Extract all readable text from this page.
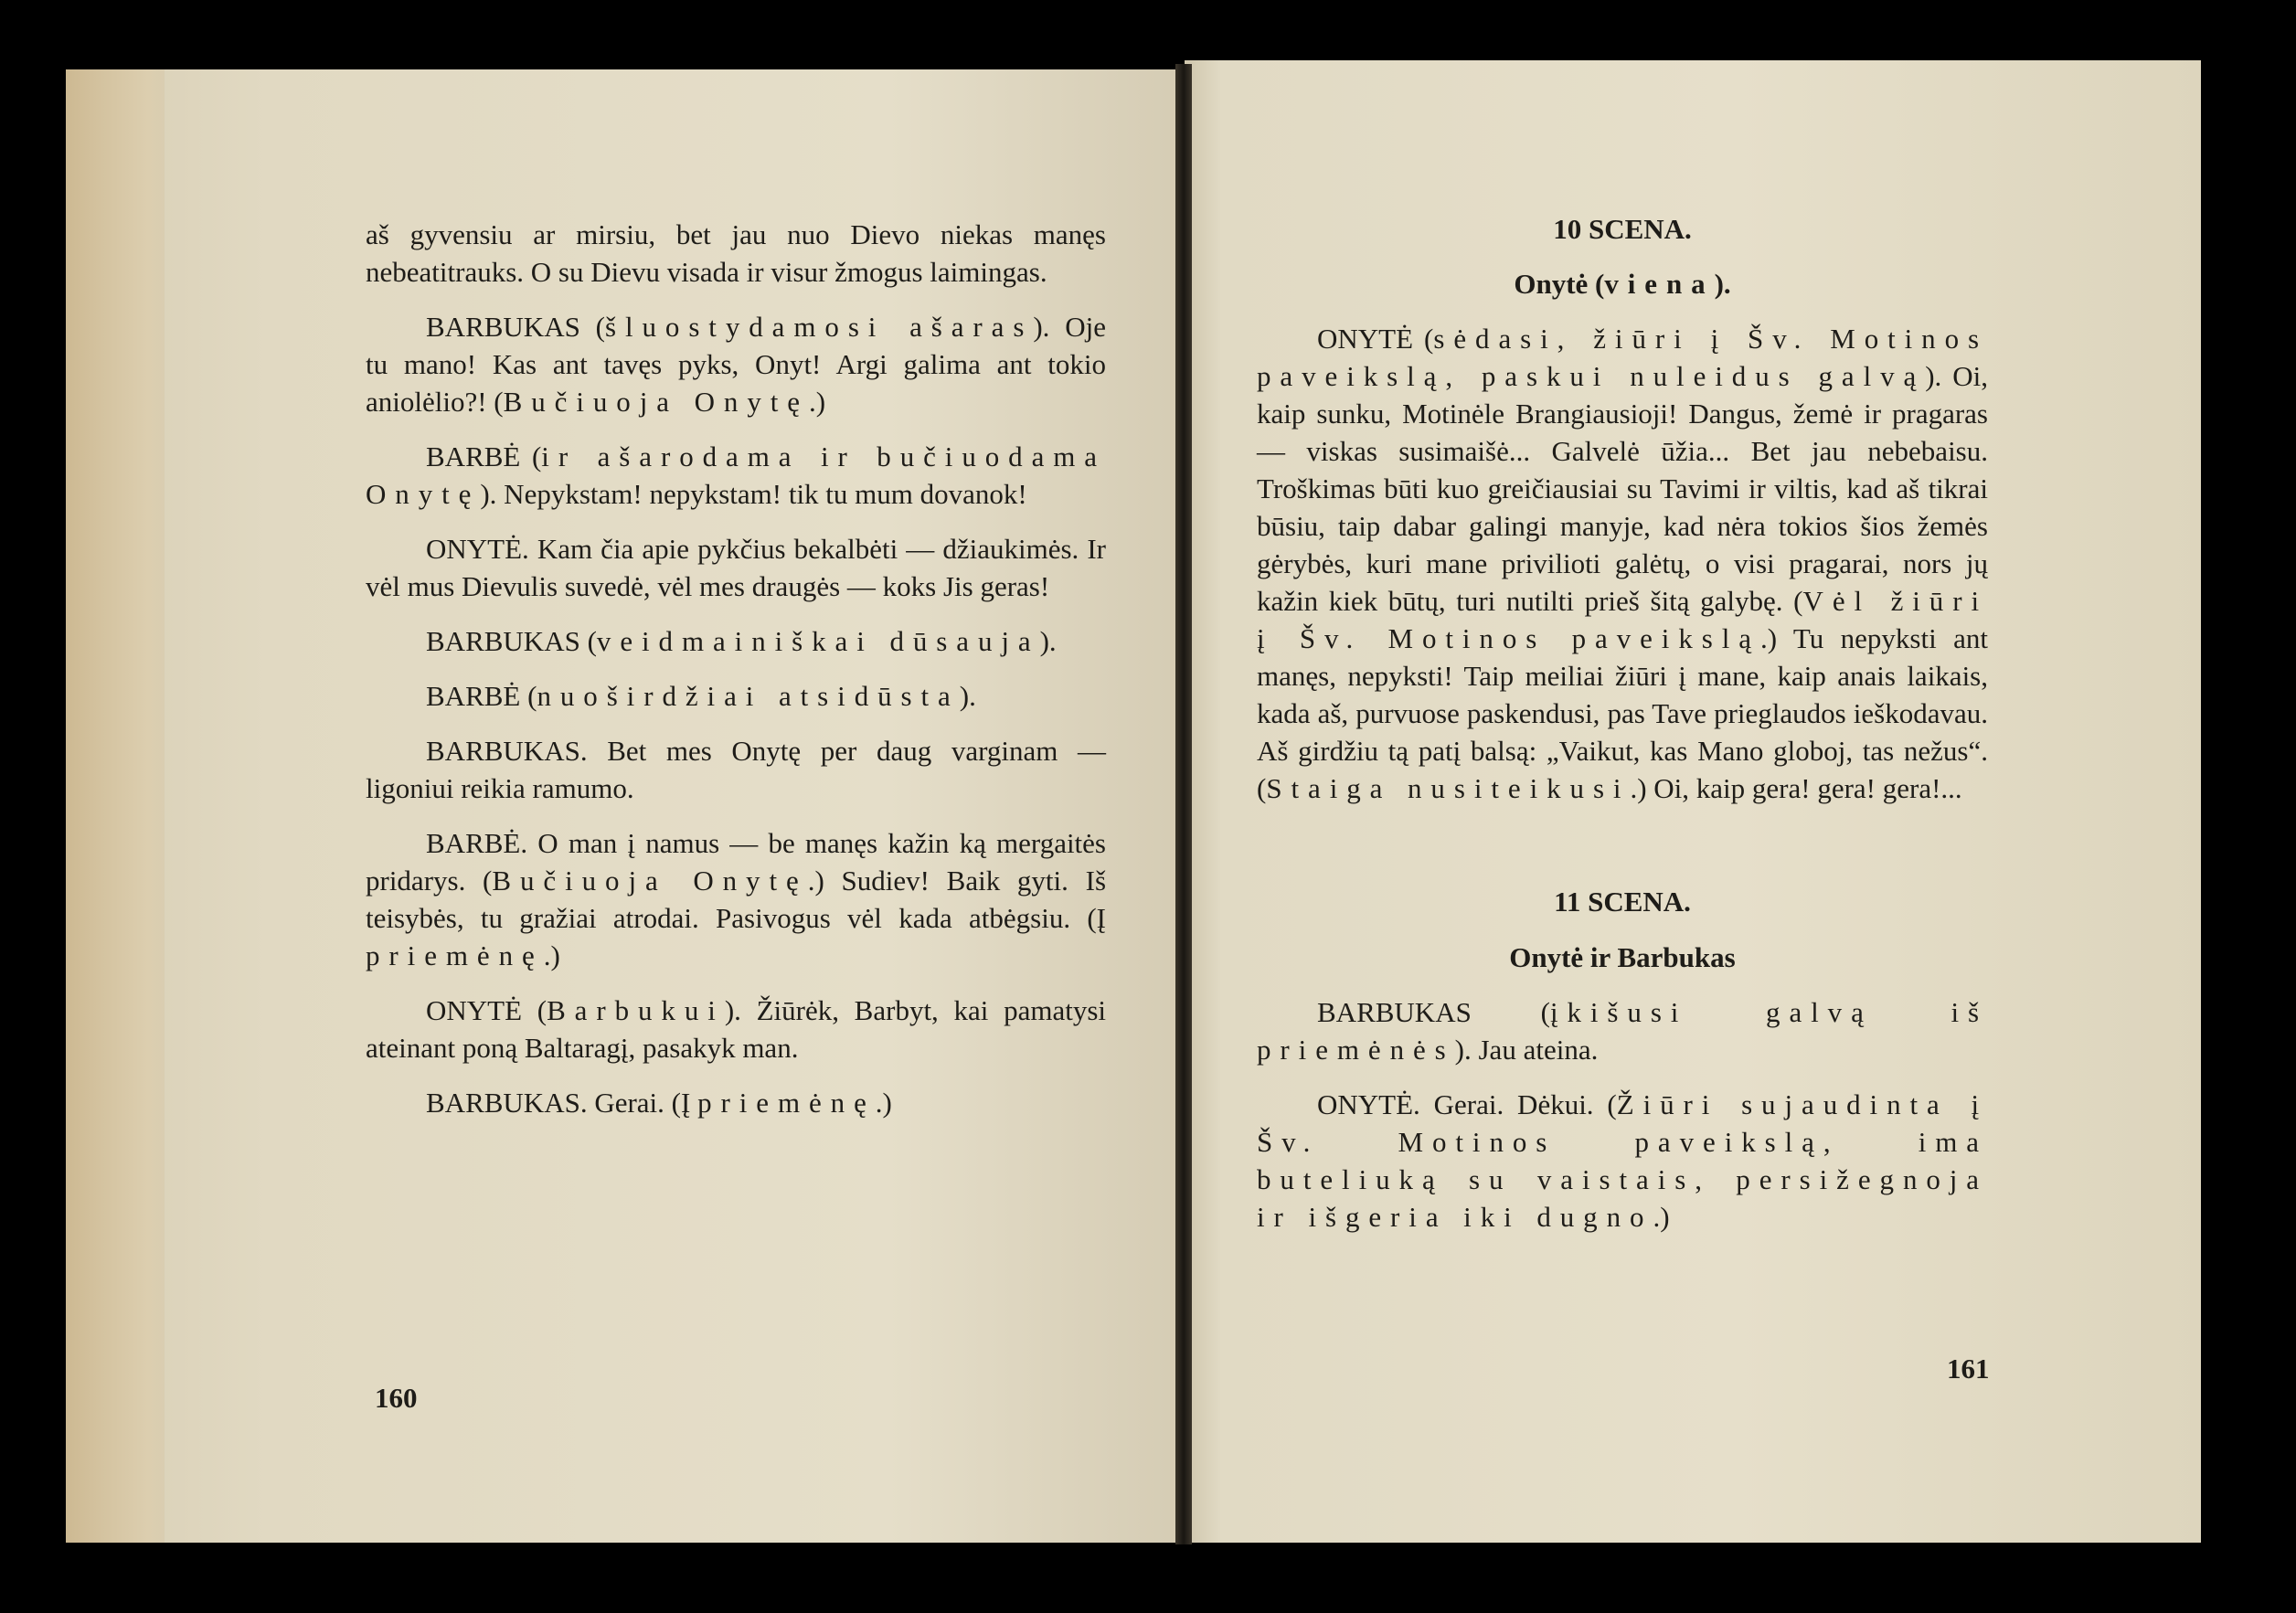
aš gyvensiu ar mirsiu, bet jau nuo Dievo niekas manęs nebeatitrauks. O su Dievu visada ir visur žmogus laimingas.

BARBUKAS (šluostydamosi ašaras). Oje tu mano! Kas ant tavęs pyks, Onyt! Argi galima ant tokio aniolėlio?! (Bučiuoja Onytę.)

BARBĖ (ir ašarodama ir bučiuodama Onytę). Nepykstam! nepykstam! tik tu mum dovanok!

ONYTĖ. Kam čia apie pykčius bekalbėti — džiaukimės. Ir vėl mus Dievulis suvedė, vėl mes draugės — koks Jis geras!

BARBUKAS (veidmainiškai dūsauja).

BARBĖ (nuoširdžiai atsidūsta).

BARBUKAS. Bet mes Onytę per daug varginam — ligoniui reikia ramumo.

BARBĖ. O man į namus — be manęs kažin ką mergaitės pridarys. (Bučiuoja Onytę.) Sudiev! Baik gyti. Iš teisybės, tu gražiai atrodai. Pasivogus vėl kada atbėgsiu. (Į priemėnę.)

ONYTĖ (Barbukui). Žiūrėk, Barbyt, kai pamatysi ateinant poną Baltaragį, pasakyk man.

BARBUKAS. Gerai. (Į priemėnę.)

160

10 SCENA.

Onytė (viena).

ONYTĖ (sėdasi, žiūri į Šv. Motinos paveikslą, paskui nuleidus galvą). Oi, kaip sunku, Motinėle Brangiausioji! Dangus, žemė ir pragaras — viskas susimaišė... Galvelė ūžia... Bet jau nebebaisu. Troškimas būti kuo greičiausiai su Tavimi ir viltis, kad aš tikrai būsiu, taip dabar galingi manyje, kad nėra tokios šios žemės gėrybės, kuri mane privilioti galėtų, o visi pragarai, nors jų kažin kiek būtų, turi nutilti prieš šitą galybę. (Vėl žiūri į Šv. Motinos paveikslą.) Tu nepyksti ant manęs, nepyksti! Taip meiliai žiūri į mane, kaip anais laikais, kada aš, purvuose paskendusi, pas Tave prieglaudos ieškodavau. Aš girdžiu tą patį balsą: „Vaikut, kas Mano globoj, tas nežus“. (Staiga nusiteikusi.) Oi, kaip gera! gera! gera!...

11 SCENA.

Onytė ir Barbukas

BARBUKAS (įkišusi galvą iš priemėnės). Jau ateina.

ONYTĖ. Gerai. Dėkui. (Žiūri sujaudinta į Šv. Motinos paveikslą, ima buteliuką su vaistais, persižegnoja ir išgeria iki dugno.)

161
